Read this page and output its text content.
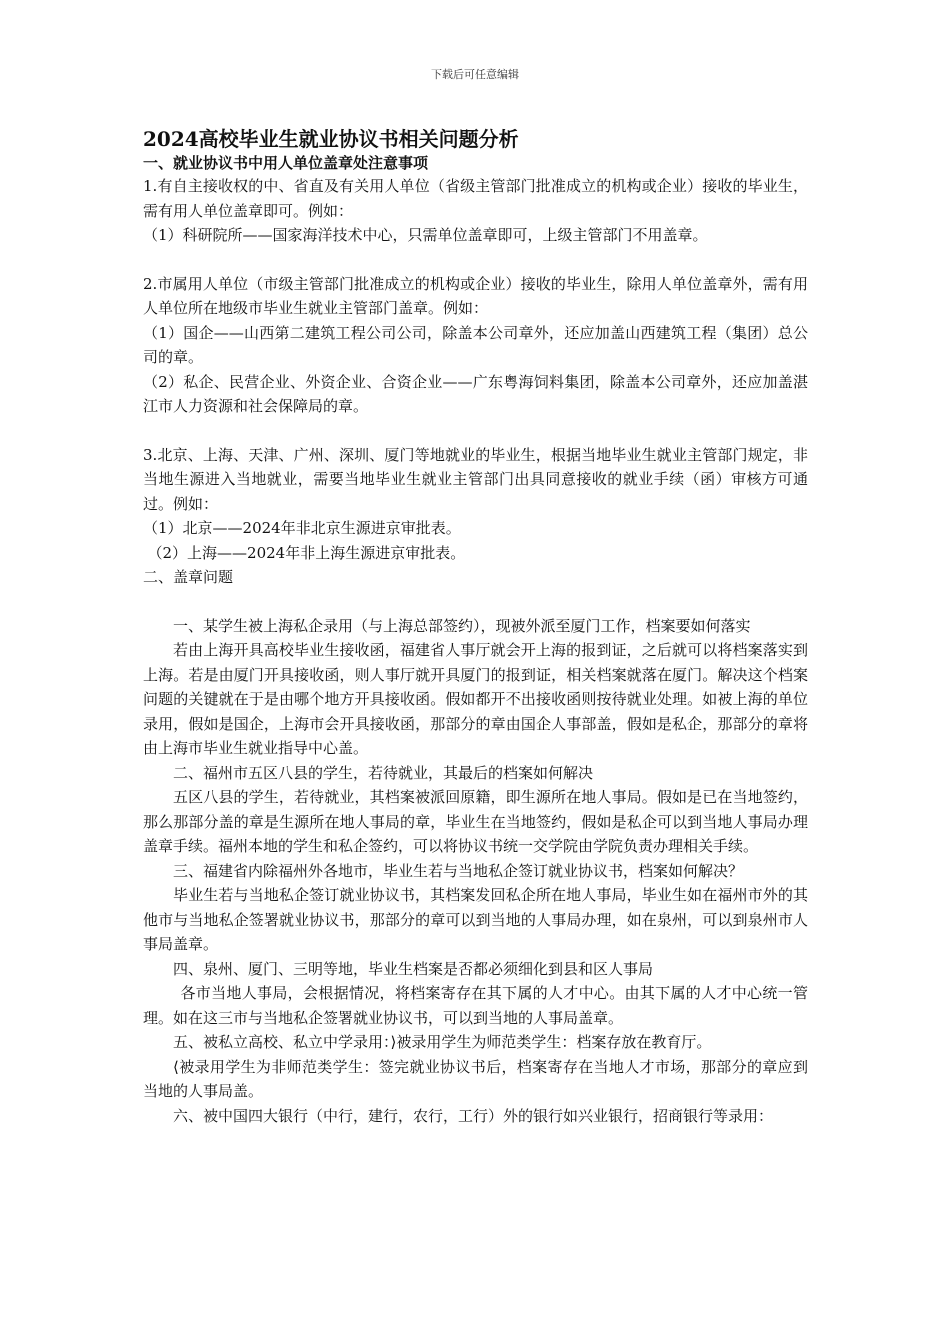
下载后可任意编辑
2024高校毕业生就业协议书相关问题分析
一、就业协议书中用人单位盖章处注意事项

1.有自主接收权的中、省直及有关用人单位（省级主管部门批准成立的机构或企业）接收的毕业生，需有用人单位盖章即可。例如：

（1）科研院所——国家海洋技术中心，只需单位盖章即可，上级主管部门不用盖章。

2.市属用人单位（市级主管部门批准成立的机构或企业）接收的毕业生，除用人单位盖章外，需有用人单位所在地级市毕业生就业主管部门盖章。例如：

（1）国企——山西第二建筑工程公司公司，除盖本公司章外，还应加盖山西建筑工程（集团）总公司的章。

（2）私企、民营企业、外资企业、合资企业——广东粤海饲料集团，除盖本公司章外，还应加盖湛江市人力资源和社会保障局的章。

3.北京、上海、天津、广州、深圳、厦门等地就业的毕业生，根据当地毕业生就业主管部门规定，非当地生源进入当地就业，需要当地毕业生就业主管部门出具同意接收的就业手续（函）审核方可通过。例如：

（1）北京——2024年非北京生源进京审批表。

（2）上海——2024年非上海生源进京审批表。

二、盖章问题

一、某学生被上海私企录用（与上海总部签约），现被外派至厦门工作，档案要如何落实

若由上海开具高校毕业生接收函，福建省人事厅就会开上海的报到证，之后就可以将档案落实到上海。若是由厦门开具接收函，则人事厅就开具厦门的报到证，相关档案就落在厦门。解决这个档案问题的关键就在于是由哪个地方开具接收函。假如都开不出接收函则按待就业处理。如被上海的单位录用，假如是国企，上海市会开具接收函，那部分的章由国企人事部盖，假如是私企，那部分的章将由上海市毕业生就业指导中心盖。

二、福州市五区八县的学生，若待就业，其最后的档案如何解决

五区八县的学生，若待就业，其档案被派回原籍，即生源所在地人事局。假如是已在当地签约，那么那部分盖的章是生源所在地人事局的章，毕业生在当地签约，假如是私企可以到当地人事局办理盖章手续。福州本地的学生和私企签约，可以将协议书统一交学院由学院负责办理相关手续。

三、福建省内除福州外各地市，毕业生若与当地私企签订就业协议书，档案如何解决？

毕业生若与当地私企签订就业协议书，其档案发回私企所在地人事局，毕业生如在福州市外的其他市与当地私企签署就业协议书，那部分的章可以到当地的人事局办理，如在泉州，可以到泉州市人事局盖章。

四、泉州、厦门、三明等地，毕业生档案是否都必须细化到县和区人事局

各市当地人事局，会根据情况，将档案寄存在其下属的人才中心。由其下属的人才中心统一管理。如在这三市与当地私企签署就业协议书，可以到当地的人事局盖章。

五、被私立高校、私立中学录用：⟩被录用学生为师范类学生：档案存放在教育厅。

⟨被录用学生为非师范类学生：签完就业协议书后，档案寄存在当地人才市场，那部分的章应到当地的人事局盖。

六、被中国四大银行（中行，建行，农行，工行）外的银行如兴业银行，招商银行等录用：
